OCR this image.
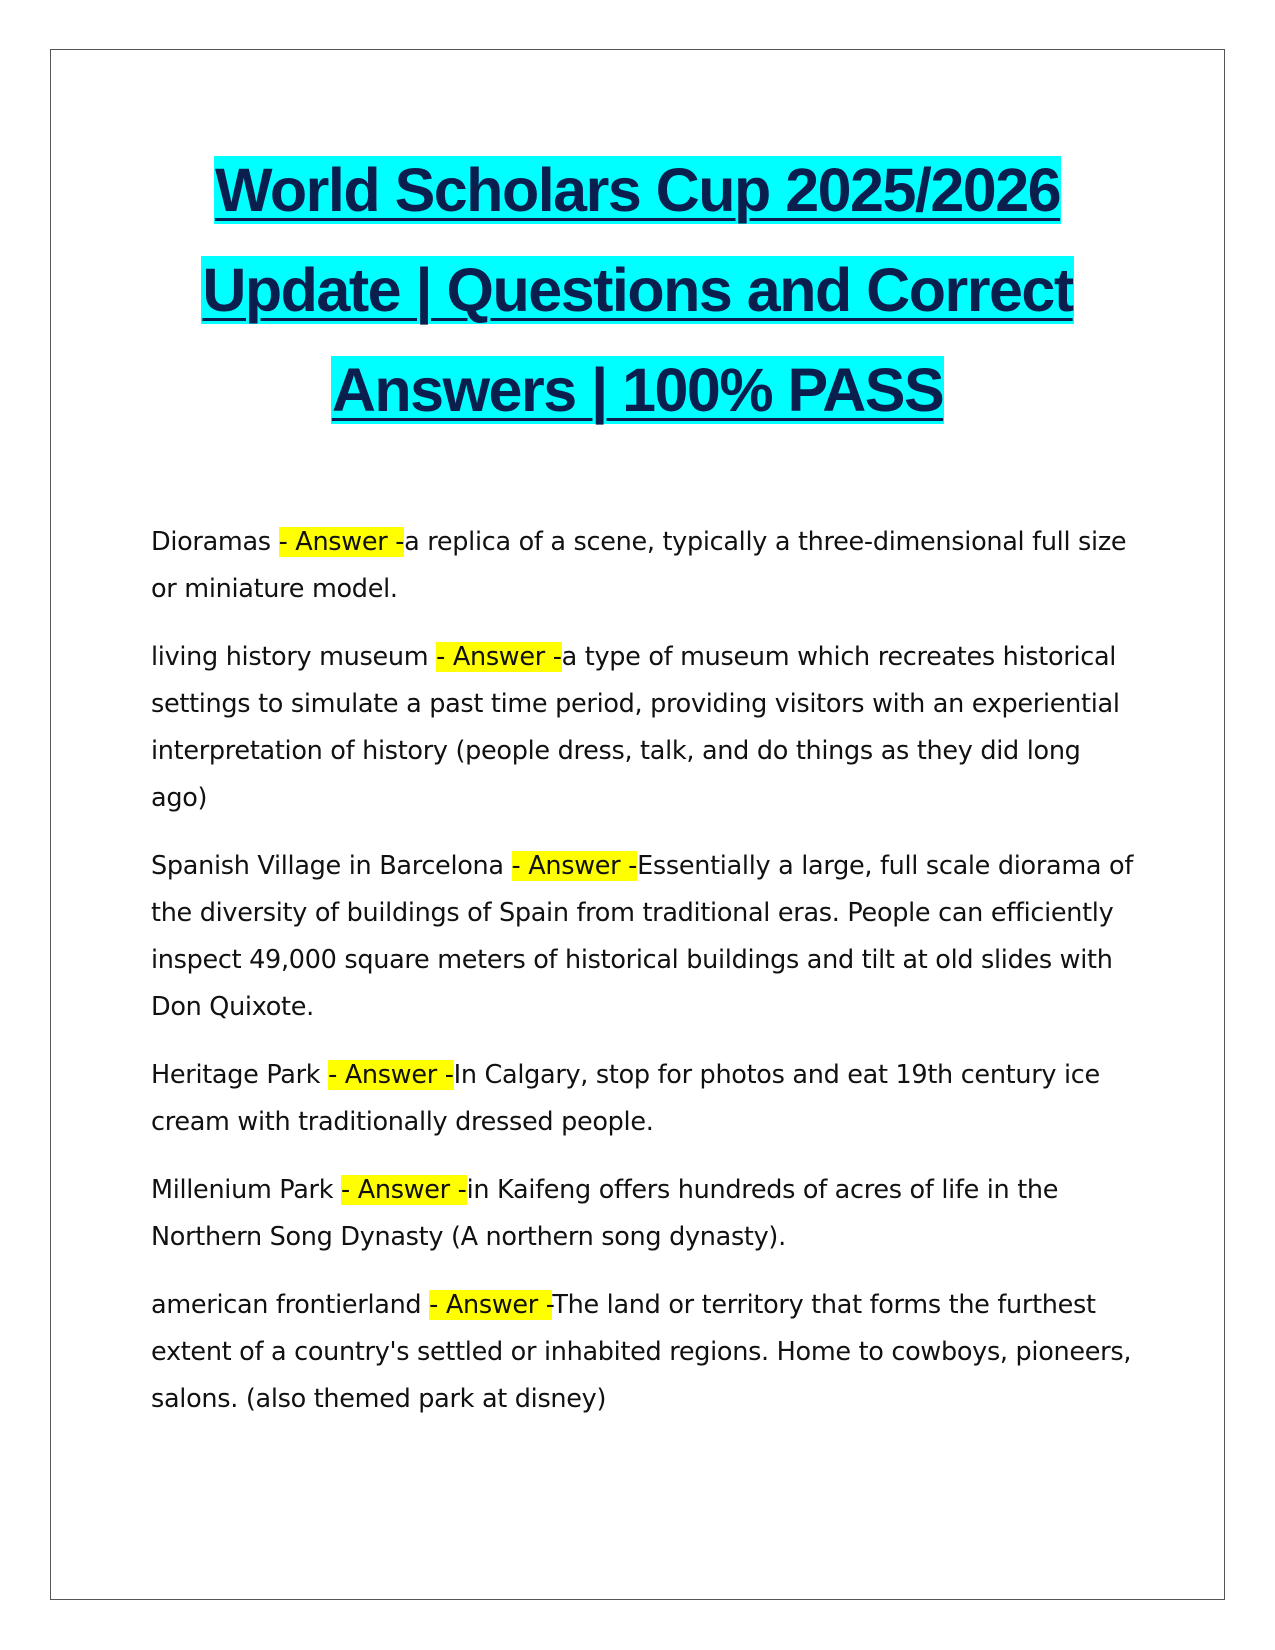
World Scholars Cup 2025/2026
Update | Questions and Correct
Answers | 100% PASS

Dioramas - Answer -a replica of a scene, typically a three-dimensional full size or miniature model.

living history museum - Answer -a type of museum which recreates historical settings to simulate a past time period, providing visitors with an experiential interpretation of history (people dress, talk, and do things as they did long ago)

Spanish Village in Barcelona - Answer -Essentially a large, full scale diorama of the diversity of buildings of Spain from traditional eras. People can efficiently inspect 49,000 square meters of historical buildings and tilt at old slides with Don Quixote.

Heritage Park - Answer -In Calgary, stop for photos and eat 19th century ice cream with traditionally dressed people.

Millenium Park - Answer -in Kaifeng offers hundreds of acres of life in the Northern Song Dynasty (A northern song dynasty).

american frontierland - Answer -The land or territory that forms the furthest extent of a country's settled or inhabited regions. Home to cowboys, pioneers, salons. (also themed park at disney)
